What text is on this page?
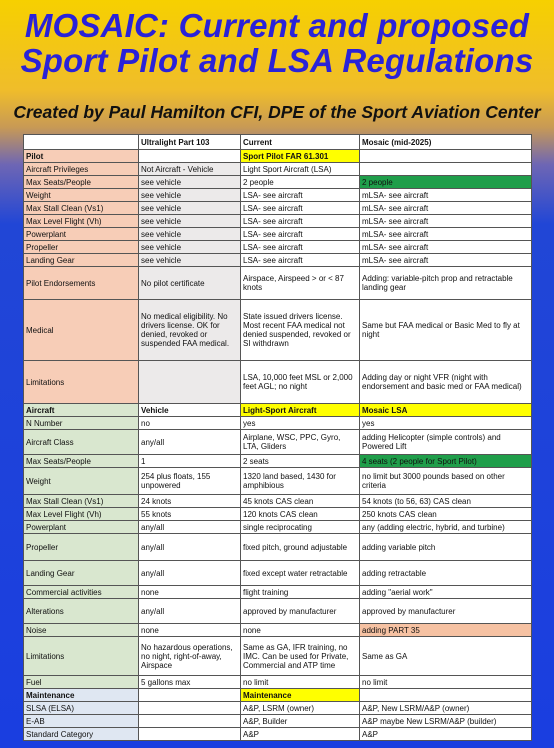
MOSAIC: Current and proposed
Sport Pilot and LSA Regulations
Created by Paul Hamilton CFI, DPE of the Sport Aviation Center
	Ultralight Part 103	Current	Mosaic (mid-2025)
Pilot		Sport Pilot FAR 61.301	
Aircraft Privileges	Not Aircraft - Vehicle	Light Sport Aircraft (LSA)	
Max Seats/People	see vehicle	2 people	2 people
Weight	see vehicle	LSA- see aircraft	mLSA- see aircraft
Max Stall Clean (Vs1)	see vehicle	LSA- see aircraft	mLSA- see aircraft
Max Level Flight (Vh)	see vehicle	LSA- see aircraft	mLSA- see aircraft
Powerplant	see vehicle	LSA- see aircraft	mLSA- see aircraft
Propeller	see vehicle	LSA- see aircraft	mLSA- see aircraft
Landing Gear	see vehicle	LSA- see aircraft	mLSA- see aircraft
Pilot Endorsements	No pilot certificate	Airspace, Airspeed > or < 87 knots	Adding: variable-pitch prop and retractable landing gear
Medical	No medical eligibility. No drivers license. OK for denied, revoked or suspended FAA medical.	State issued drivers license. Most recent FAA medical not denied suspended, revoked or SI withdrawn	Same but FAA medical or Basic Med to fly at night
Limitations		LSA, 10,000 feet MSL or 2,000 feet AGL; no night	Adding day or night VFR (night with endorsement and basic med or FAA medical)
Aircraft	Vehicle	Light-Sport Aircraft	Mosaic LSA
N Number	no	yes	yes
Aircraft Class	any/all	Airplane, WSC, PPC, Gyro, LTA, Gliders	adding Helicopter (simple controls) and Powered Lift
Max Seats/People	1	2 seats	4 seats (2 people for Sport Pilot)
Weight	254 plus floats, 155 unpowered	1320 land based, 1430 for amphibious	no limit but 3000 pounds based on other criteria
Max Stall Clean (Vs1)	24 knots	45 knots CAS clean	54 knots (to 56, 63) CAS clean
Max Level Flight (Vh)	55 knots	120 knots CAS clean	250 knots CAS clean
Powerplant	any/all	single reciprocating	any (adding electric, hybrid, and turbine)
Propeller	any/all	fixed pitch, ground adjustable	adding variable pitch
Landing Gear	any/all	fixed except water retractable	adding retractable
Commercial activities	none	flight training	adding "aerial work"
Alterations	any/all	approved by manufacturer	approved by manufacturer
Noise	none	none	adding PART 35
Limitations	No hazardous operations, no night, right-of-away, Airspace	Same as GA, IFR training, no IMC. Can be used for Private, Commercial and ATP time	Same as GA
Fuel	5 gallons max	no limit	no limit
Maintenance		Maintenance	
SLSA (ELSA)		A&P, LSRM (owner)	A&P, New LSRM/A&P (owner)
E-AB		A&P, Builder	A&P maybe New LSRM/A&P (builder)
Standard Category		A&P	A&P
